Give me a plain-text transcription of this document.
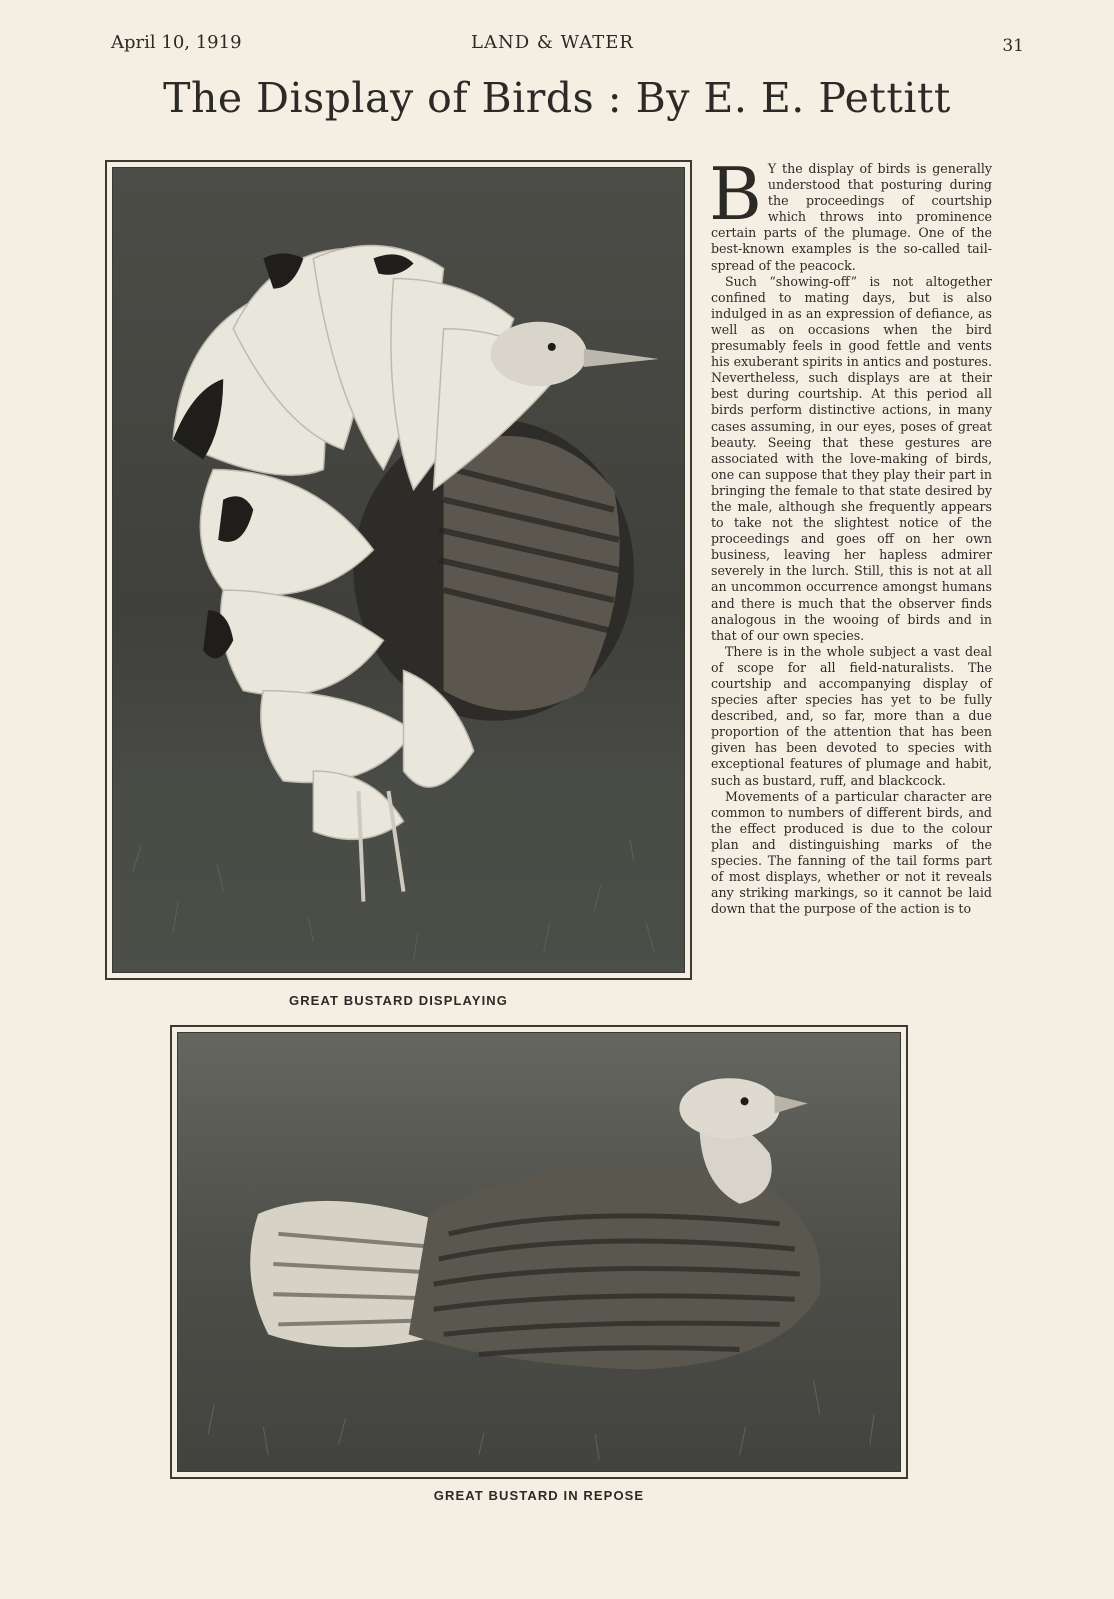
April 10, 1919	LAND & WATER	31
The Display of Birds : By E. E. Pettitt
GREAT BUSTARD DISPLAYING

B Y the display of birds is generally understood that posturing during the proceedings of courtship which throws into prominence certain parts of the plumage. One of the best-known examples is the so-called tail-spread of the peacock.

Such “showing-off” is not altogether confined to mating days, but is also indulged in as an expression of defiance, as well as on occasions when the bird presumably feels in good fettle and vents his exuberant spirits in antics and postures. Nevertheless, such displays are at their best during courtship. At this period all birds perform distinctive actions, in many cases assuming, in our eyes, poses of great beauty. Seeing that these gestures are associated with the love-making of birds, one can suppose that they play their part in bringing the female to that state desired by the male, although she frequently appears to take not the slightest notice of the proceedings and goes off on her own business, leaving her hapless admirer severely in the lurch. Still, this is not at all an uncommon occurrence amongst humans and there is much that the observer finds analogous in the wooing of birds and in that of our own species.

There is in the whole subject a vast deal of scope for all field-naturalists. The courtship and accompanying display of species after species has yet to be fully described, and, so far, more than a due proportion of the attention that has been given has been devoted to species with exceptional features of plumage and habit, such as bustard, ruff, and blackcock.

Movements of a particular character are common to numbers of different birds, and the effect produced is due to the colour plan and distinguishing marks of the species. The fanning of the tail forms part of most displays, whether or not it reveals any striking markings, so it cannot be laid down that the purpose of the action is to

GREAT BUSTARD IN REPOSE
